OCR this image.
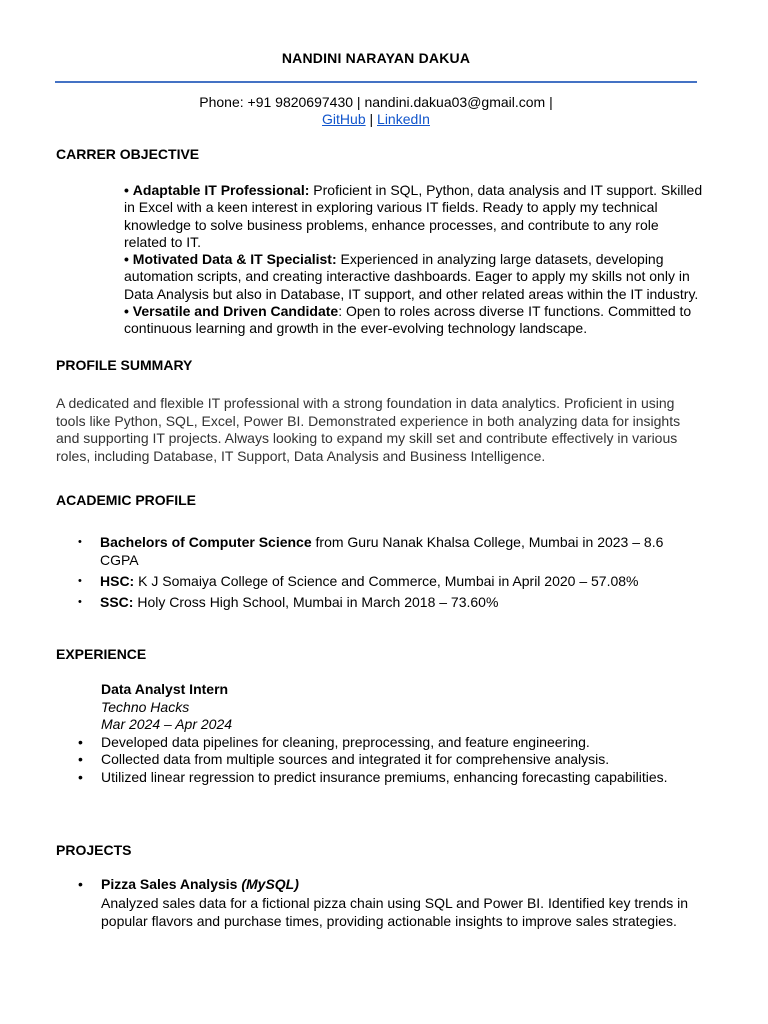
NANDINI NARAYAN DAKUA
Phone: +91 9820697430 | nandini.dakua03@gmail.com |
GitHub | LinkedIn
CARRER OBJECTIVE
• Adaptable IT Professional: Proficient in SQL, Python, data analysis and IT support. Skilled in Excel with a keen interest in exploring various IT fields. Ready to apply my technical knowledge to solve business problems, enhance processes, and contribute to any role related to IT.
• Motivated Data & IT Specialist: Experienced in analyzing large datasets, developing automation scripts, and creating interactive dashboards. Eager to apply my skills not only in Data Analysis but also in Database, IT support, and other related areas within the IT industry.
• Versatile and Driven Candidate: Open to roles across diverse IT functions. Committed to continuous learning and growth in the ever-evolving technology landscape.
PROFILE SUMMARY
A dedicated and flexible IT professional with a strong foundation in data analytics. Proficient in using tools like Python, SQL, Excel, Power BI. Demonstrated experience in both analyzing data for insights and supporting IT projects. Always looking to expand my skill set and contribute effectively in various roles, including Database, IT Support, Data Analysis and Business Intelligence.
ACADEMIC PROFILE
• Bachelors of Computer Science from Guru Nanak Khalsa College, Mumbai in 2023 – 8.6 CGPA
• HSC: K J Somaiya College of Science and Commerce, Mumbai in April 2020 – 57.08%
• SSC: Holy Cross High School, Mumbai in March 2018 – 73.60%
EXPERIENCE
Data Analyst Intern
Techno Hacks
Mar 2024 – Apr 2024
• Developed data pipelines for cleaning, preprocessing, and feature engineering.
• Collected data from multiple sources and integrated it for comprehensive analysis.
• Utilized linear regression to predict insurance premiums, enhancing forecasting capabilities.
PROJECTS
• Pizza Sales Analysis (MySQL)
Analyzed sales data for a fictional pizza chain using SQL and Power BI. Identified key trends in popular flavors and purchase times, providing actionable insights to improve sales strategies.
